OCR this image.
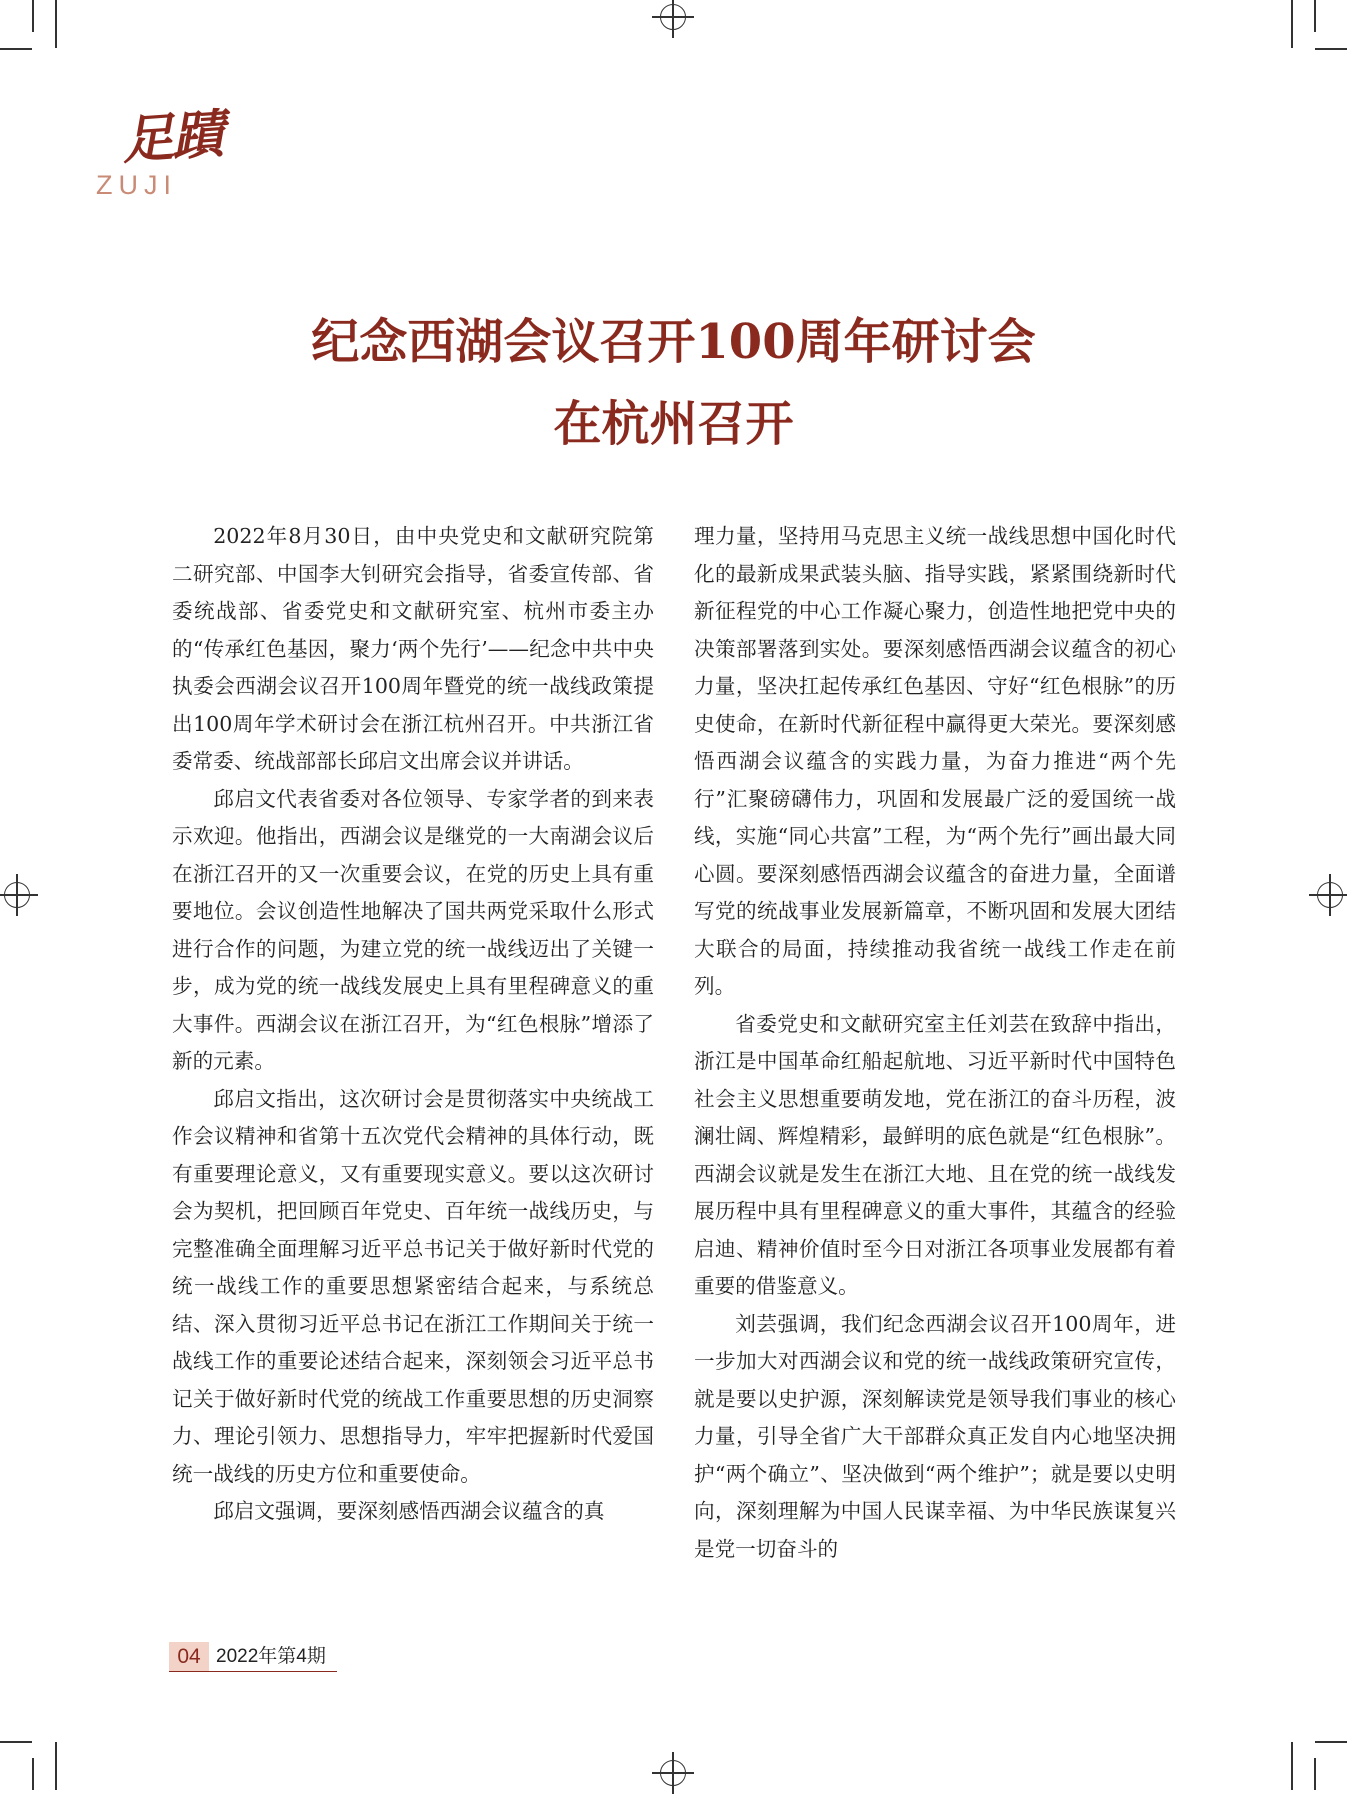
足蹟
ZUJI
纪念西湖会议召开100周年研讨会
在杭州召开

2022年8月30日，由中央党史和文献研究院第二研究部、中国李大钊研究会指导，省委宣传部、省委统战部、省委党史和文献研究室、杭州市委主办的“传承红色基因，聚力‘两个先行’——纪念中共中央执委会西湖会议召开100周年暨党的统一战线政策提出100周年学术研讨会在浙江杭州召开。中共浙江省委常委、统战部部长邱启文出席会议并讲话。

邱启文代表省委对各位领导、专家学者的到来表示欢迎。他指出，西湖会议是继党的一大南湖会议后在浙江召开的又一次重要会议，在党的历史上具有重要地位。会议创造性地解决了国共两党采取什么形式进行合作的问题，为建立党的统一战线迈出了关键一步，成为党的统一战线发展史上具有里程碑意义的重大事件。西湖会议在浙江召开，为“红色根脉”增添了新的元素。

邱启文指出，这次研讨会是贯彻落实中央统战工作会议精神和省第十五次党代会精神的具体行动，既有重要理论意义，又有重要现实意义。要以这次研讨会为契机，把回顾百年党史、百年统一战线历史，与完整准确全面理解习近平总书记关于做好新时代党的统一战线工作的重要思想紧密结合起来，与系统总结、深入贯彻习近平总书记在浙江工作期间关于统一战线工作的重要论述结合起来，深刻领会习近平总书记关于做好新时代党的统战工作重要思想的历史洞察力、理论引领力、思想指导力，牢牢把握新时代爱国统一战线的历史方位和重要使命。

邱启文强调，要深刻感悟西湖会议蕴含的真

理力量，坚持用马克思主义统一战线思想中国化时代化的最新成果武装头脑、指导实践，紧紧围绕新时代新征程党的中心工作凝心聚力，创造性地把党中央的决策部署落到实处。要深刻感悟西湖会议蕴含的初心力量，坚决扛起传承红色基因、守好“红色根脉”的历史使命，在新时代新征程中赢得更大荣光。要深刻感悟西湖会议蕴含的实践力量，为奋力推进“两个先行”汇聚磅礴伟力，巩固和发展最广泛的爱国统一战线，实施“同心共富”工程，为“两个先行”画出最大同心圆。要深刻感悟西湖会议蕴含的奋进力量，全面谱写党的统战事业发展新篇章，不断巩固和发展大团结大联合的局面，持续推动我省统一战线工作走在前列。

省委党史和文献研究室主任刘芸在致辞中指出，浙江是中国革命红船起航地、习近平新时代中国特色社会主义思想重要萌发地，党在浙江的奋斗历程，波澜壮阔、辉煌精彩，最鲜明的底色就是“红色根脉”。西湖会议就是发生在浙江大地、且在党的统一战线发展历程中具有里程碑意义的重大事件，其蕴含的经验启迪、精神价值时至今日对浙江各项事业发展都有着重要的借鉴意义。

刘芸强调，我们纪念西湖会议召开100周年，进一步加大对西湖会议和党的统一战线政策研究宣传，就是要以史护源，深刻解读党是领导我们事业的核心力量，引导全省广大干部群众真正发自内心地坚决拥护“两个确立”、坚决做到“两个维护”；就是要以史明向，深刻理解为中国人民谋幸福、为中华民族谋复兴是党一切奋斗的

04 2022年第4期
